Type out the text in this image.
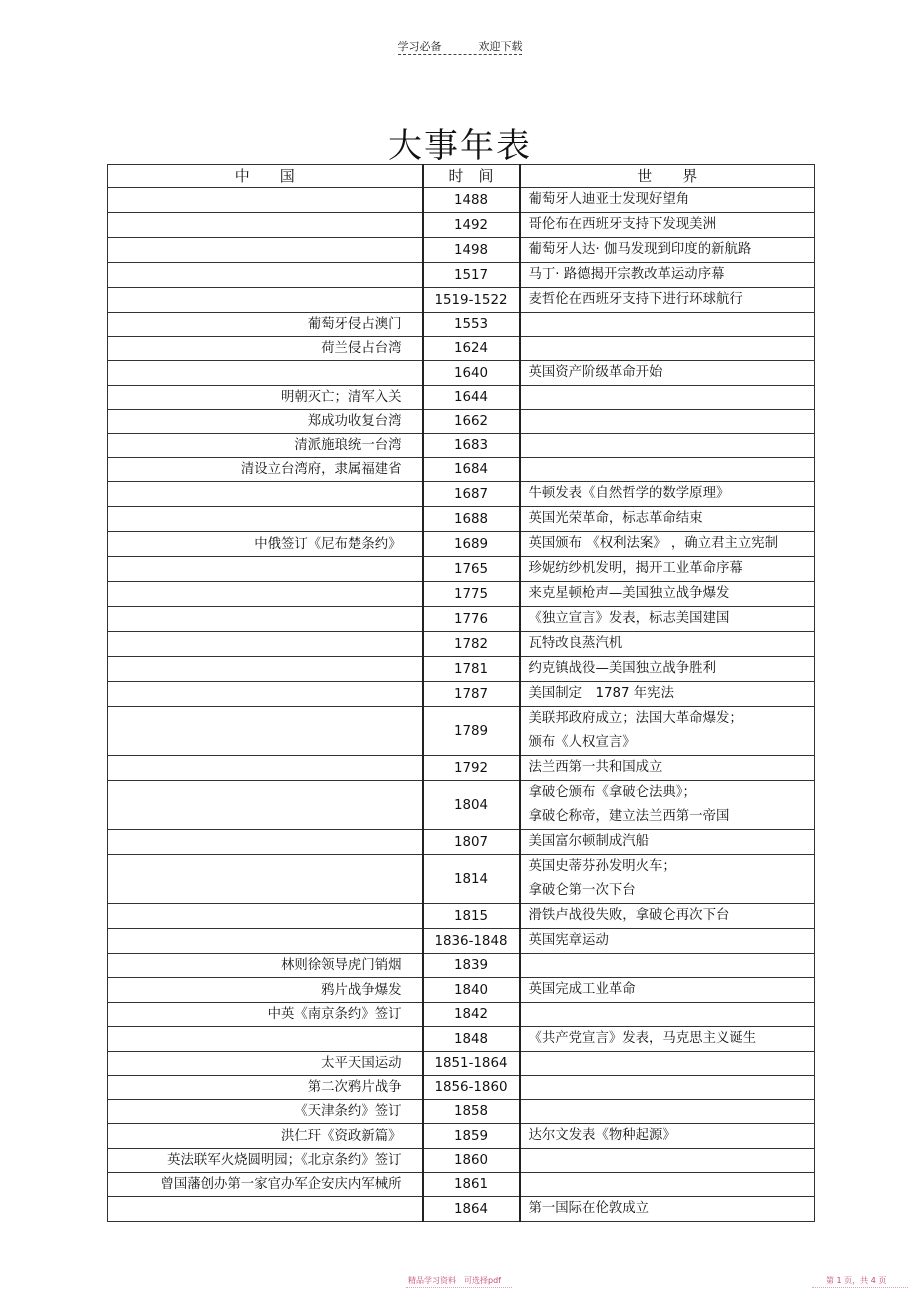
学习必备	欢迎下载
大事年表
中　　国	时　间	世　　界
	1488	葡萄牙人迪亚士发现好望角

	1492	哥伦布在西班牙支持下发现美洲

	1498	葡萄牙人达· 伽马发现到印度的新航路

	1517	马丁· 路德揭开宗教改革运动序幕

	1519-1522	麦哲伦在西班牙支持下进行环球航行

葡萄牙侵占澳门	1553	

荷兰侵占台湾	1624	

	1640	英国资产阶级革命开始

明朝灭亡；清军入关	1644	

郑成功收复台湾	1662	

清派施琅统一台湾	1683	

清设立台湾府，隶属福建省	1684	

	1687	牛顿发表《自然哲学的数学原理》

	1688	英国光荣革命，标志革命结束

中俄签订《尼布楚条约》	1689	英国颁布 《权利法案》 ，确立君主立宪制

	1765	珍妮纺纱机发明，揭开工业革命序幕

	1775	来克星顿枪声—美国独立战争爆发

	1776	《独立宣言》发表，标志美国建国

	1782	瓦特改良蒸汽机

	1781	约克镇战役—美国独立战争胜利

	1787	美国制定　1787 年宪法

	1789	美联邦政府成立；法国大革命爆发；
颁布《人权宣言》

	1792	法兰西第一共和国成立

	1804	拿破仑颁布《拿破仑法典》；
拿破仑称帝，建立法兰西第一帝国

	1807	美国富尔顿制成汽船

	1814	英国史蒂芬孙发明火车；
拿破仑第一次下台

	1815	滑铁卢战役失败，拿破仑再次下台

	1836-1848	英国宪章运动

林则徐领导虎门销烟	1839	

鸦片战争爆发	1840	英国完成工业革命

中英《南京条约》签订	1842	

	1848	《共产党宣言》发表，马克思主义诞生

太平天国运动	1851-1864	

第二次鸦片战争	1856-1860	

《天津条约》签订	1858	

洪仁玕《资政新篇》	1859	达尔文发表《物种起源》

英法联军火烧圆明园；《北京条约》签订	1860	

曾国藩创办第一家官办军企安庆内军械所	1861	

	1864	第一国际在伦敦成立
精品学习资料　可选择pdf	第 1 页，共 4 页
